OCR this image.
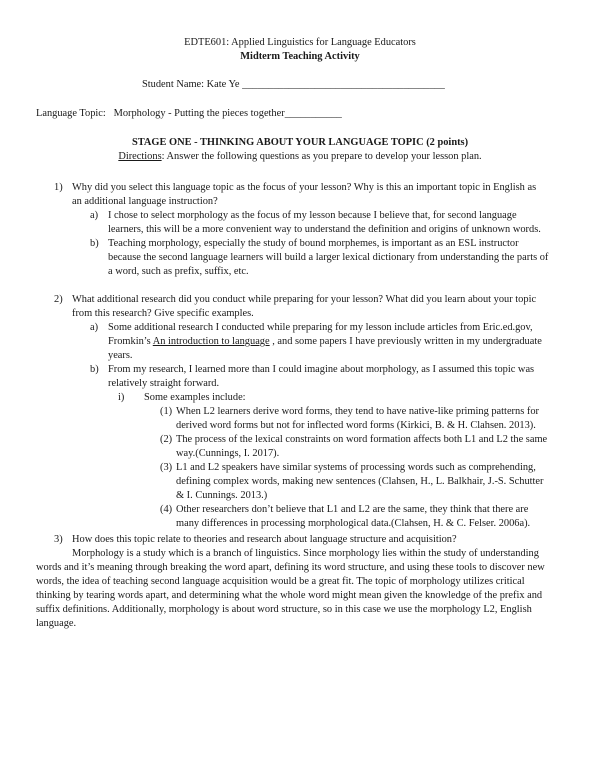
EDTE601: Applied Linguistics for Language Educators
Midterm Teaching Activity
Student Name: Kate Ye _______________________________________
Language Topic: Morphology - Putting the pieces together___________
STAGE ONE - THINKING ABOUT YOUR LANGUAGE TOPIC (2 points)
Directions: Answer the following questions as you prepare to develop your lesson plan.
1) Why did you select this language topic as the focus of your lesson? Why is this an important topic in English as
an additional language instruction?
a) I chose to select morphology as the focus of my lesson because I believe that, for second language
learners, this will be a more convenient way to understand the definition and origins of unknown words.
b) Teaching morphology, especially the study of bound morphemes, is important as an ESL instructor
because the second language learners will build a larger lexical dictionary from understanding the parts of
a word, such as prefix, suffix, etc.
2) What additional research did you conduct while preparing for your lesson? What did you learn about your topic
from this research? Give specific examples.
a) Some additional research I conducted while preparing for my lesson include articles from Eric.ed.gov,
Fromkin’s An introduction to language , and some papers I have previously written in my undergraduate
years.
b) From my research, I learned more than I could imagine about morphology, as I assumed this topic was
relatively straight forward.
i) Some examples include:
(1) When L2 learners derive word forms, they tend to have native-like priming patterns for
derived word forms but not for inflected word forms (Kirkici, B. & H. Clahsen. 2013).
(2) The process of the lexical constraints on word formation affects both L1 and L2 the same
way.(Cunnings, I. 2017).
(3) L1 and L2 speakers have similar systems of processing words such as comprehending,
defining complex words, making new sentences (Clahsen, H., L. Balkhair, J.-S. Schutter
& I. Cunnings. 2013.)
(4) Other researchers don’t believe that L1 and L2 are the same, they think that there are
many differences in processing morphological data.(Clahsen, H. & C. Felser. 2006a).
3) How does this topic relate to theories and research about language structure and acquisition?
Morphology is a study which is a branch of linguistics. Since morphology lies within the study of understanding
words and it’s meaning through breaking the word apart, defining its word structure, and using these tools to discover new
words, the idea of teaching second language acquisition would be a great fit. The topic of morphology utilizes critical
thinking by tearing words apart, and determining what the whole word might mean given the knowledge of the prefix and
suffix definitions. Additionally, morphology is about word structure, so in this case we use the morphology L2, English
language.
